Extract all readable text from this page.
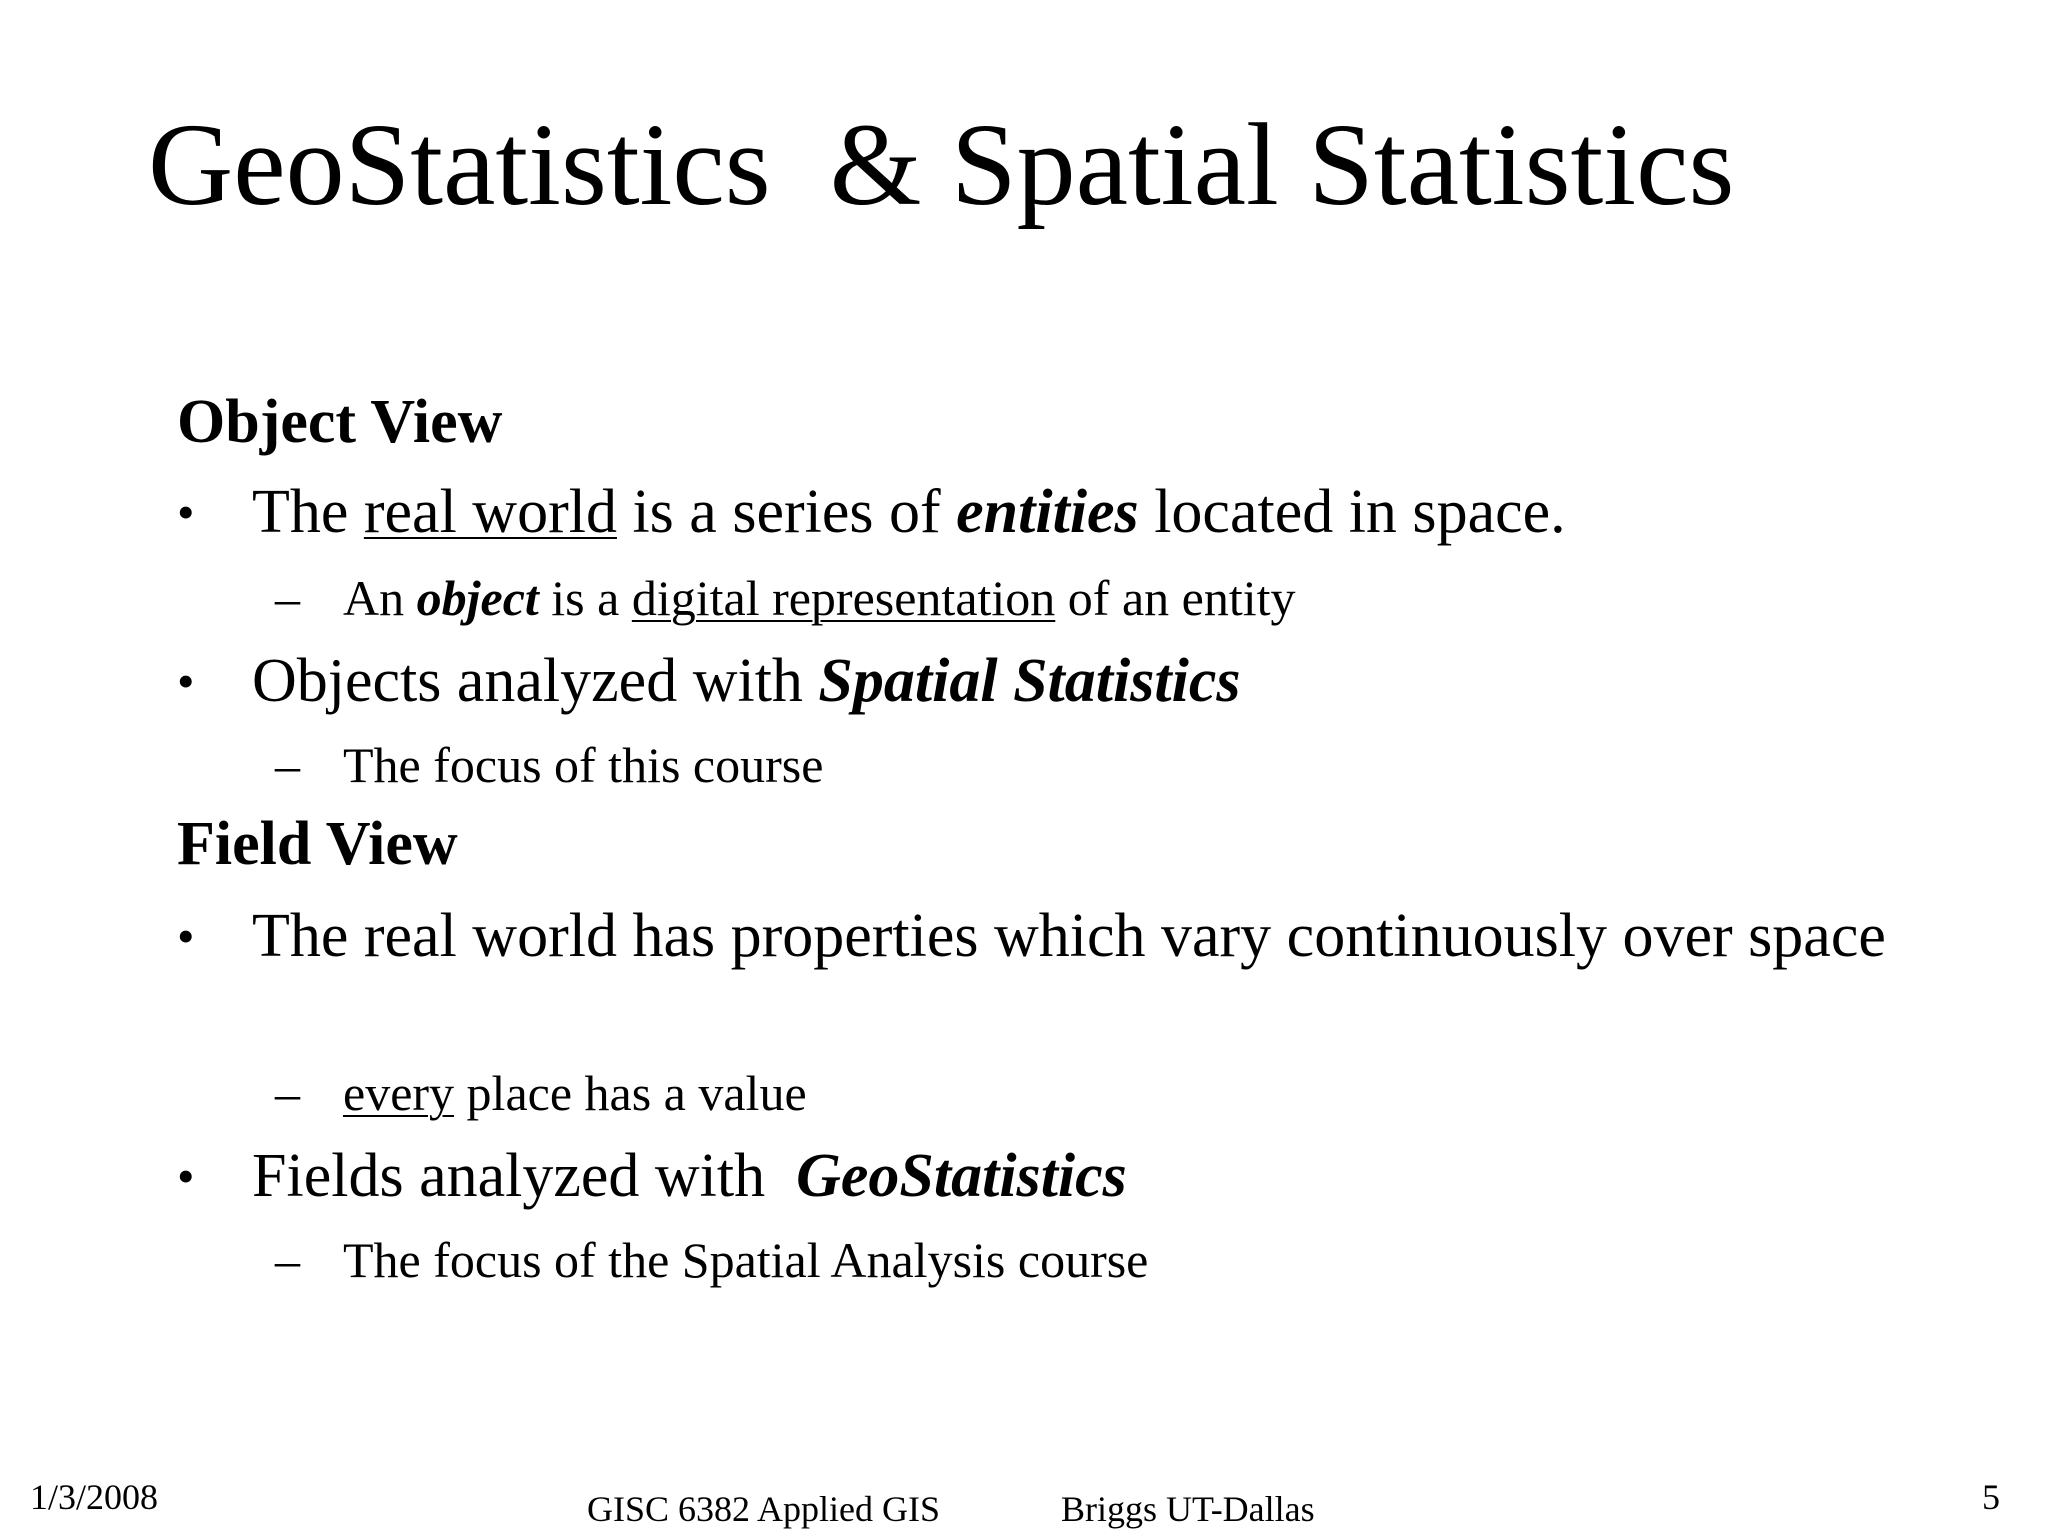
GeoStatistics  & Spatial Statistics
Object View
• The real world is a series of entities located in space.
– An object is a digital representation of an entity
• Objects analyzed with Spatial Statistics
– The focus of this course
Field View
• The real world has properties which vary continuously over space
– every place has a value
• Fields analyzed with  GeoStatistics
– The focus of the Spatial Analysis course
1/3/2008	GISC 6382 Applied GIS	Briggs UT-Dallas	5
